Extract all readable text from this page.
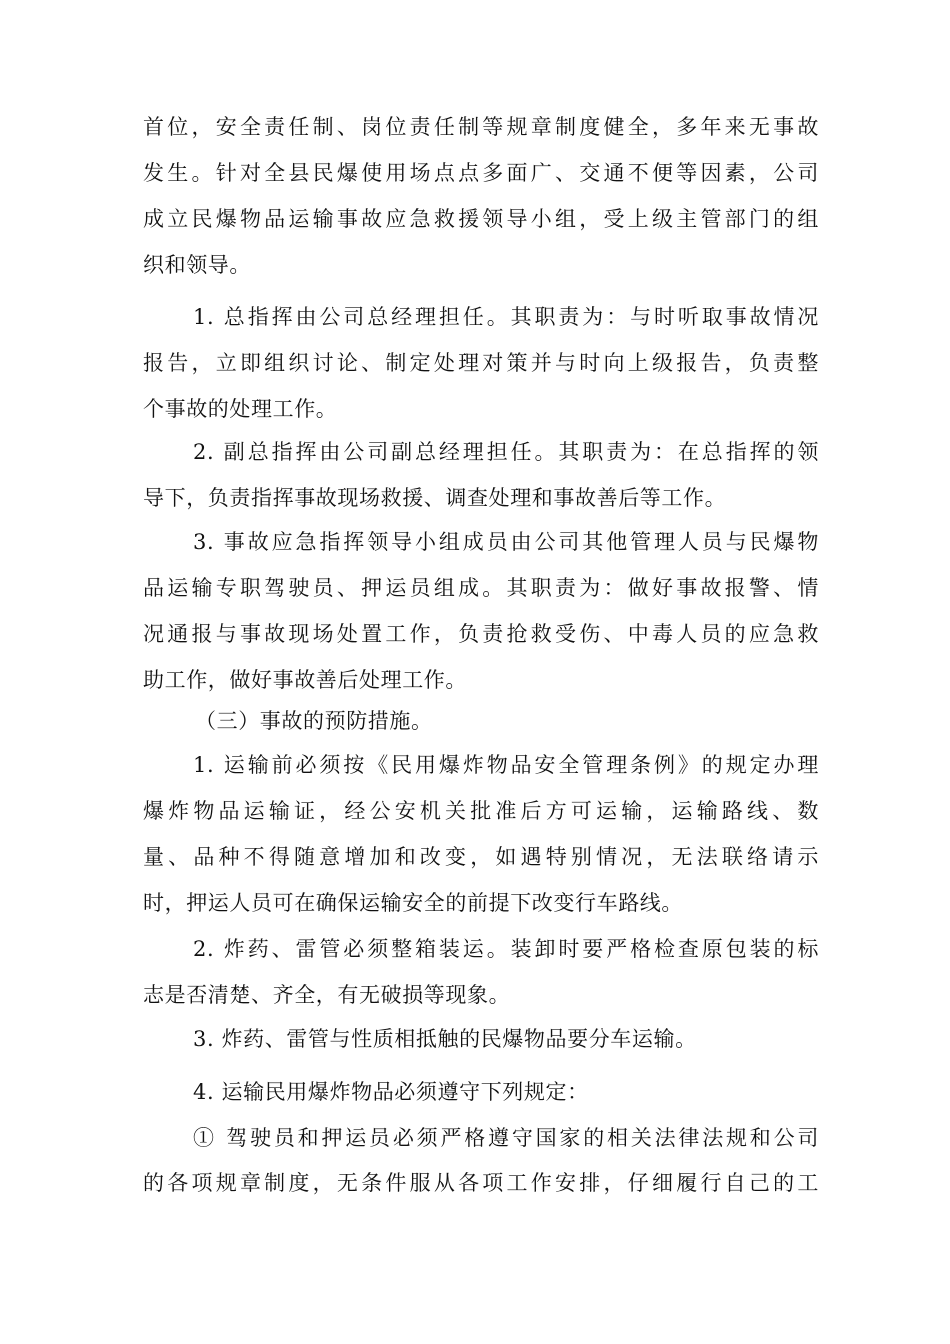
首位，安全责任制、岗位责任制等规章制度健全，多年来无事故
发生。针对全县民爆使用场点点多面广、交通不便等因素，公司
成立民爆物品运输事故应急救援领导小组，受上级主管部门的组
织和领导。
1. 总指挥由公司总经理担任。其职责为：与时听取事故情况
报告，立即组织讨论、制定处理对策并与时向上级报告，负责整
个事故的处理工作。
2. 副总指挥由公司副总经理担任。其职责为：在总指挥的领
导下，负责指挥事故现场救援、调查处理和事故善后等工作。
3. 事故应急指挥领导小组成员由公司其他管理人员与民爆物
品运输专职驾驶员、押运员组成。其职责为：做好事故报警、情
况通报与事故现场处置工作，负责抢救受伤、中毒人员的应急救
助工作，做好事故善后处理工作。
（三）事故的预防措施。
1. 运输前必须按《民用爆炸物品安全管理条例》的规定办理
爆炸物品运输证，经公安机关批准后方可运输，运输路线、数
量、品种不得随意增加和改变，如遇特别情况，无法联络请示
时，押运人员可在确保运输安全的前提下改变行车路线。
2. 炸药、雷管必须整箱装运。装卸时要严格检查原包装的标
志是否清楚、齐全，有无破损等现象。
3. 炸药、雷管与性质相抵触的民爆物品要分车运输。
4. 运输民用爆炸物品必须遵守下列规定：
① 驾驶员和押运员必须严格遵守国家的相关法律法规和公司
的各项规章制度，无条件服从各项工作安排，仔细履行自己的工
